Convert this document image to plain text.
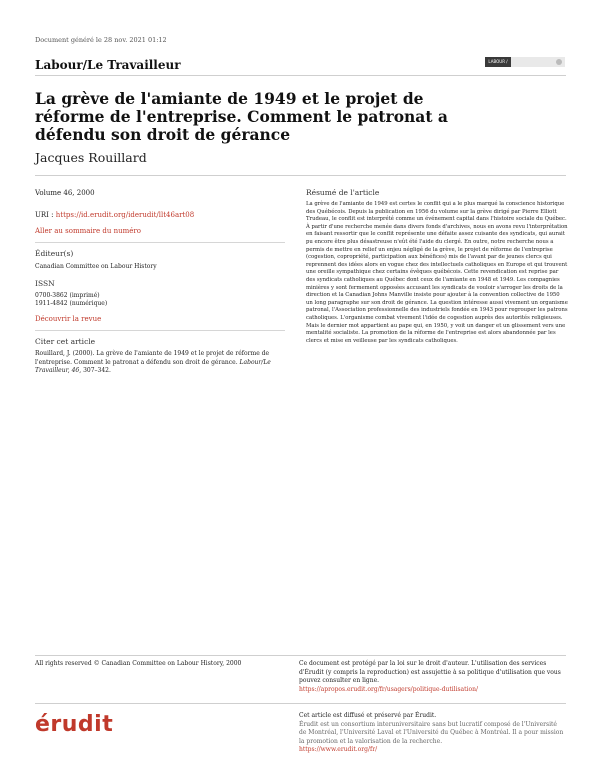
Document généré le 28 nov. 2021 01:12
Labour/Le Travailleur	LABOUR / TRAVAIL
La grève de l'amiante de 1949 et le projet de réforme de l'entreprise. Comment le patronat a défendu son droit de gérance
Jacques Rouillard
Volume 46, 2000
URI : https://id.erudit.org/iderudit/llt46art08
Aller au sommaire du numéro
Éditeur(s)
Canadian Committee on Labour History
ISSN
0700-3862 (imprimé)
1911-4842 (numérique)
Découvrir la revue
Citer cet article
Rouillard, J. (2000). La grève de l'amiante de 1949 et le projet de réforme de l'entreprise. Comment le patronat a défendu son droit de gérance. Labour/Le Travailleur, 46, 307–342.
Résumé de l'article
La grève de l'amiante de 1949 est certes le conflit qui a le plus marqué la conscience historique des Québécois. Depuis la publication en 1956 du volume sur la grève dirigé par Pierre Elliott Trudeau, le conflit est interprété comme un événement capital dans l'histoire sociale du Québec. À partir d'une recherche menée dans divers fonds d'archives, nous en avons revu l'interprétation en faisant ressortir que le conflit représente une défaite assez cuisante des syndicats, qui aurait pu encore être plus désastreuse n'eût été l'aide du clergé. En outre, notre recherche nous a permis de mettre en relief un enjeu négligé de la grève, le projet de réforme de l'entreprise (cogestion, copropriété, participation aux bénéfices) mis de l'avant par de jeunes clercs qui reprennent des idées alors en vogue chez des intellectuels catholiques en Europe et qui trouvent une oreille sympathique chez certains évêques québécois. Cette revendication est reprise par des syndicats catholiques au Québec dont ceux de l'amiante en 1948 et 1949. Les compagnies minières y sont fermement opposées accusant les syndicats de vouloir s'arroger les droits de la direction et la Canadian Johns Manville insiste pour ajouter à la convention collective de 1950 un long paragraphe sur son droit de gérance. La question intéresse aussi vivement un organisme patronal, l'Association professionnelle des industriels fondée en 1943 pour regrouper les patrons catholiques. L'organisme combat vivement l'idée de cogestion auprès des autorités religieuses. Mais le dernier mot appartient au pape qui, en 1950, y voit un danger et un glissement vers une mentalité socialiste. La promotion de la réforme de l'entreprise est alors abandonnée par les clercs et mise en veilleuse par les syndicats catholiques.
All rights reserved © Canadian Committee on Labour History, 2000	Ce document est protégé par la loi sur le droit d'auteur. L'utilisation des services d'Érudit (y compris la reproduction) est assujettie à sa politique d'utilisation que vous pouvez consulter en ligne.
https://apropos.erudit.org/fr/usagers/politique-dutilisation/
érudit	Cet article est diffusé et préservé par Érudit.
Érudit est un consortium interuniversitaire sans but lucratif composé de l'Université de Montréal, l'Université Laval et l'Université du Québec à Montréal. Il a pour mission la promotion et la valorisation de la recherche.
https://www.erudit.org/fr/
